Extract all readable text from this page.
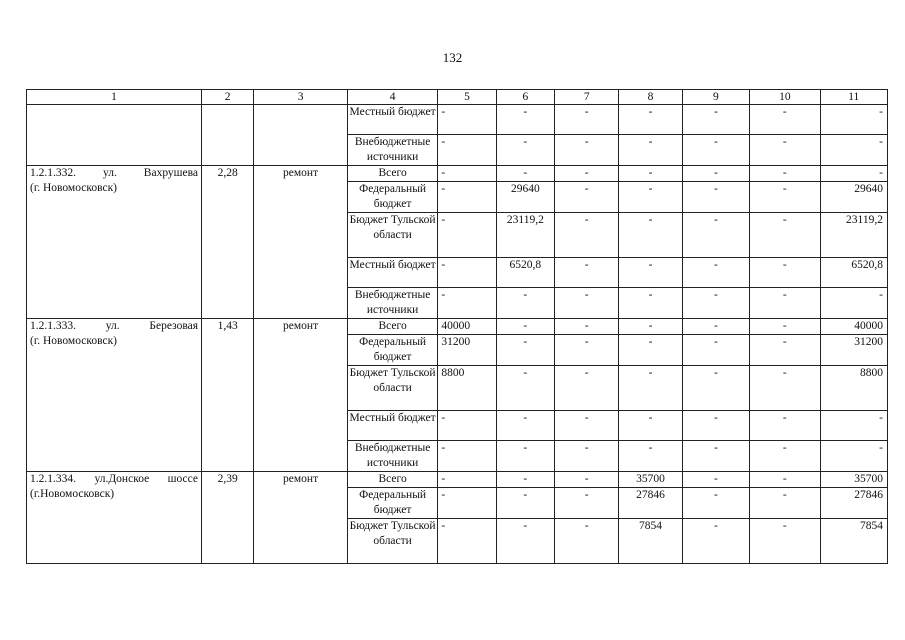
132
1	2	3	4	5	6	7	8	9	10	11
			Местный бюджет	-	-	-	-	-	-	-
			Внебюджетные источники	-	-	-	-	-	-	-

1.2.1.332. ул. Вахрушева
(г. Новомосковск)	2,28	ремонт	Всего	-	-	-	-	-	-	-
			Федеральный бюджет	-	29640	-	-	-	-	29640
			Бюджет Тульской области	-	23119,2	-	-	-	-	23119,2
			Местный бюджет	-	6520,8	-	-	-	-	6520,8
			Внебюджетные источники	-	-	-	-	-	-	-

1.2.1.333. ул. Березовая
(г. Новомосковск)	1,43	ремонт	Всего	40000	-	-	-	-	-	40000
			Федеральный бюджет	31200	-	-	-	-	-	31200
			Бюджет Тульской области	8800	-	-	-	-	-	8800
			Местный бюджет	-	-	-	-	-	-	-
			Внебюджетные источники	-	-	-	-	-	-	-

1.2.1.334. ул.Донское шоссе
(г.Новомосковск)	2,39	ремонт	Всего	-	-	-	35700	-	-	35700
			Федеральный бюджет	-	-	-	27846	-	-	27846
			Бюджет Тульской области	-	-	-	7854	-	-	7854
